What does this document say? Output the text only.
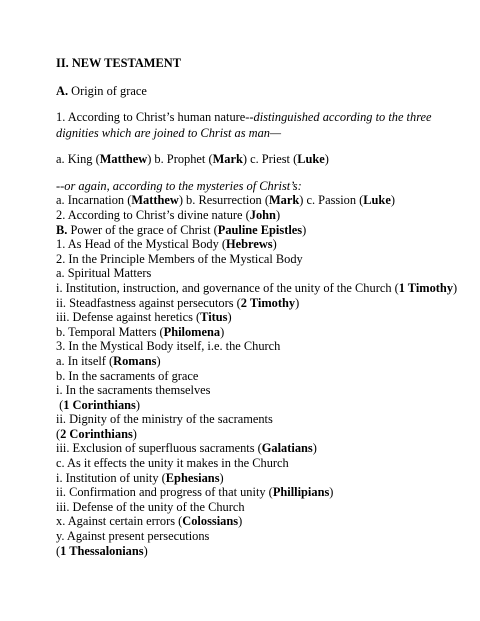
II. NEW TESTAMENT
A. Origin of grace
1. According to Christ’s human nature--distinguished according to the three dignities which are joined to Christ as man—
a. King (Matthew) b. Prophet (Mark) c. Priest (Luke)
--or again, according to the mysteries of Christ’s:
a. Incarnation (Matthew) b. Resurrection (Mark) c. Passion (Luke)
2. According to Christ’s divine nature (John)
B. Power of the grace of Christ (Pauline Epistles)
1. As Head of the Mystical Body (Hebrews)
2. In the Principle Members of the Mystical Body
a. Spiritual Matters
i. Institution, instruction, and governance of the unity of the Church (1 Timothy)
ii. Steadfastness against persecutors (2 Timothy)
iii. Defense against heretics (Titus)
b. Temporal Matters (Philomena)
3. In the Mystical Body itself, i.e. the Church
a. In itself (Romans)
b. In the sacraments of grace
i. In the sacraments themselves
(1 Corinthians)
ii. Dignity of the ministry of the sacraments
(2 Corinthians)
iii. Exclusion of superfluous sacraments (Galatians)
c. As it effects the unity it makes in the Church
i. Institution of unity (Ephesians)
ii. Confirmation and progress of that unity (Phillipians)
iii. Defense of the unity of the Church
x. Against certain errors (Colossians)
y. Against present persecutions
(1 Thessalonians)
